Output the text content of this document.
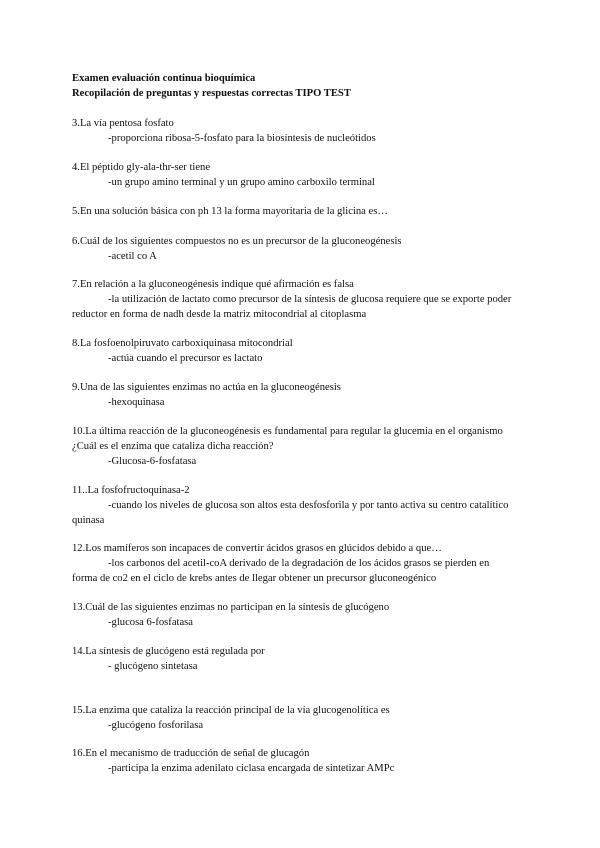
Examen evaluación continua bioquímica
Recopilación de preguntas y respuestas correctas TIPO TEST
3.La vía pentosa fosfato
-proporciona ribosa-5-fosfato para la biosíntesis de nucleótidos
4.El péptido gly-ala-thr-ser tiene
-un grupo amino terminal y un grupo amino carboxilo terminal
5.En una solución básica con ph 13 la forma mayoritaria de la glicina es…
6.Cuál de los siguientes compuestos no es un precursor de la gluconeogénesis
-acetil co A
7.En relación a la gluconeogénesis indique qué afirmación es falsa
-la utilización de lactato como precursor de la síntesis de glucosa requiere que se exporte poder reductor en forma de nadh desde la matriz mitocondrial al citoplasma
8.La fosfoenolpiruvato carboxiquinasa mitocondrial
-actúa cuando el precursor es lactato
9.Una de las siguientes enzimas no actúa en la gluconeogénesis
-hexoquinasa
10.La última reacción de la gluconeogénesis es fundamental para regular la glucemia en el organismo ¿Cuál es el enzima que cataliza dicha reacción?
-Glucosa-6-fosfatasa
11..La fosfofructoquinasa-2
-cuando los niveles de glucosa son altos esta desfosforila y por tanto activa su centro catalítico quinasa
12.Los mamíferos son incapaces de convertir ácidos grasos en glúcidos debido a que…
-los carbonos del acetil-coA derivado de la degradación de los ácidos grasos se pierden en forma de co2 en el ciclo de krebs antes de llegar obtener un precursor gluconeogénico
13.Cuál de las siguientes enzimas no participan en la síntesis de glucógeno
-glucosa 6-fosfatasa
14.La síntesis de glucógeno está regulada por
- glucógeno sintetasa
15.La enzima que cataliza la reacción principal de la vía glucogenolítica es
-glucógeno fosforilasa
16.En el mecanismo de traducción de señal de glucagón
-participa la enzima adenilato ciclasa encargada de sintetizar AMPc
